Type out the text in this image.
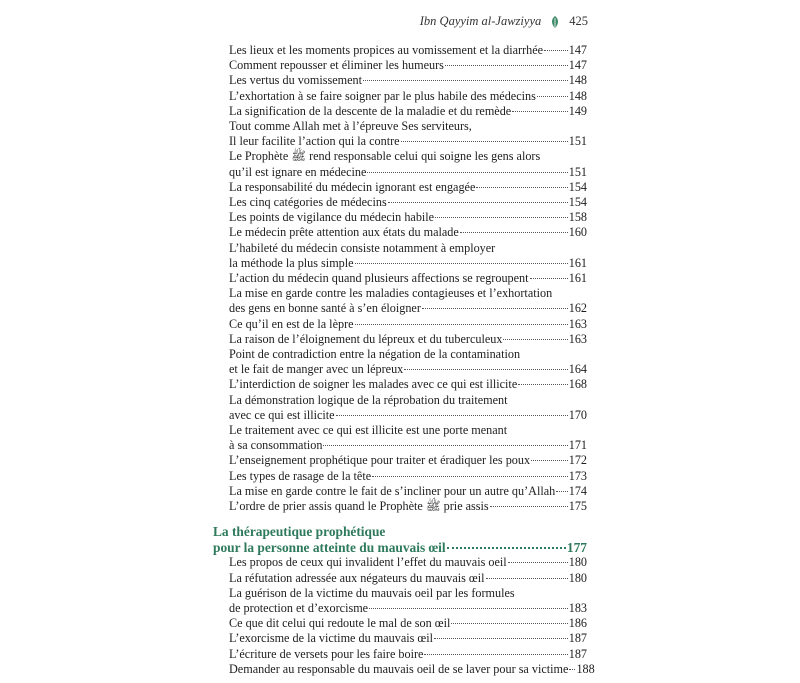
Ibn Qayyim al-Jawziyya 425
Les lieux et les moments propices au vomissement et la diarrhée 147
Comment repousser et éliminer les humeurs	147
Les vertus du vomissement	148
L’exhortation à se faire soigner par le plus habile des médecins	148
La signification de la descente de la maladie et du remède	149
Tout comme Allah met à l’épreuve Ses serviteurs,
Il leur facilite l’action qui la contre	151
Le Prophète ﷺ rend responsable celui qui soigne les gens alors
qu’il est ignare en médecine	151
La responsabilité du médecin ignorant est engagée	154
Les cinq catégories de médecins	154
Les points de vigilance du médecin habile	158
Le médecin prête attention aux états du malade	160
L’habileté du médecin consiste notamment à employer
la méthode la plus simple	161
L’action du médecin quand plusieurs affections se regroupent	161
La mise en garde contre les maladies contagieuses et l’exhortation
des gens en bonne santé à s’en éloigner	162
Ce qu’il en est de la lèpre	163
La raison de l’éloignement du lépreux et du tuberculeux	163
Point de contradiction entre la négation de la contamination
et le fait de manger avec un lépreux	164
L’interdiction de soigner les malades avec ce qui est illicite	168
La démonstration logique de la réprobation du traitement
avec ce qui est illicite	170
Le traitement avec ce qui est illicite est une porte menant
à sa consommation	171
L’enseignement prophétique pour traiter et éradiquer les poux	172
Les types de rasage de la tête	173
La mise en garde contre le fait de s’incliner pour un autre qu’Allah 174
L’ordre de prier assis quand le Prophète ﷺ prie assis	175
La thérapeutique prophétique
pour la personne atteinte du mauvais œil	177
Les propos de ceux qui invalident l’effet du mauvais oeil	180
La réfutation adressée aux négateurs du mauvais œil	180
La guérison de la victime du mauvais oeil par les formules
de protection et d’exorcisme	183
Ce que dit celui qui redoute le mal de son œil	186
L’exorcisme de la victime du mauvais œil	187
L’écriture de versets pour les faire boire	187
Demander au responsable du mauvais oeil de se laver pour sa victime 188
